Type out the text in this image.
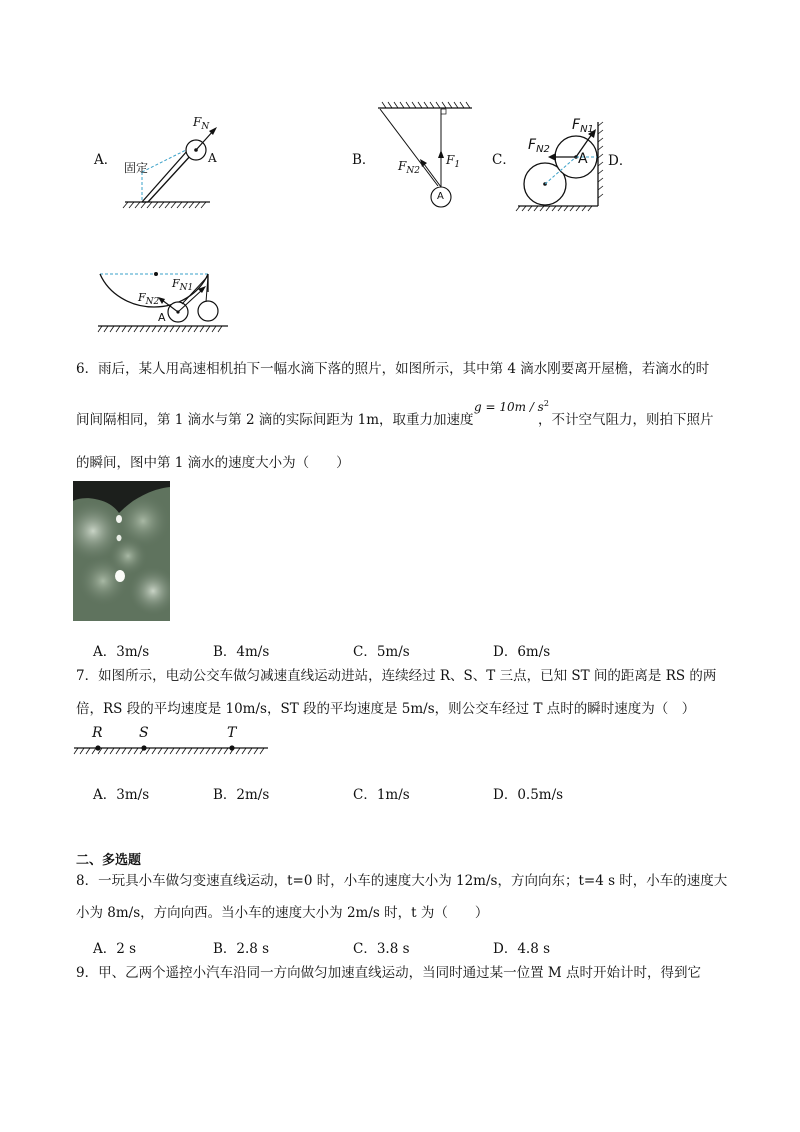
A． 固定
A
$F_N$
B．
A
$F_{N2}$
$F_1$ C．	A
$F_{N1}$
$F_{N2}$
D．
A
$F_{N1}$
$F_{N2}$
6．雨后，某人用高速相机拍下一幅水滴下落的照片，如图所示，其中第 4 滴水刚要离开屋檐，若滴水的时
间间隔相同，第 1 滴水与第 2 滴的实际间距为 1m，取重力加速度
$g = 10m / s^2$
，不计空气阻力，则拍下照片
的瞬间，图中第 1 滴水的速度大小为（　　）
A．3m/s	B．4m/s	C．5m/s	D．6m/s
7．如图所示，电动公交车做匀减速直线运动进站，连续经过 R、S、T 三点，已知 ST 间的距离是 RS 的两
倍，RS 段的平均速度是 10m/s，ST 段的平均速度是 5m/s，则公交车经过 T 点时的瞬时速度为（　）
R	S	T
A．3m/s	B．2m/s	C．1m/s	D．0.5m/s
二、多选题
8．一玩具小车做匀变速直线运动，t=0 时，小车的速度大小为 12m/s，方向向东；t=4 s 时，小车的速度大
小为 8m/s，方向向西。当小车的速度大小为 2m/s 时，t 为（　　）
A．2 s	B．2.8 s	C．3.8 s	D．4.8 s
9．甲、乙两个遥控小汽车沿同一方向做匀加速直线运动，当同时通过某一位置 M 点时开始计时，得到它
